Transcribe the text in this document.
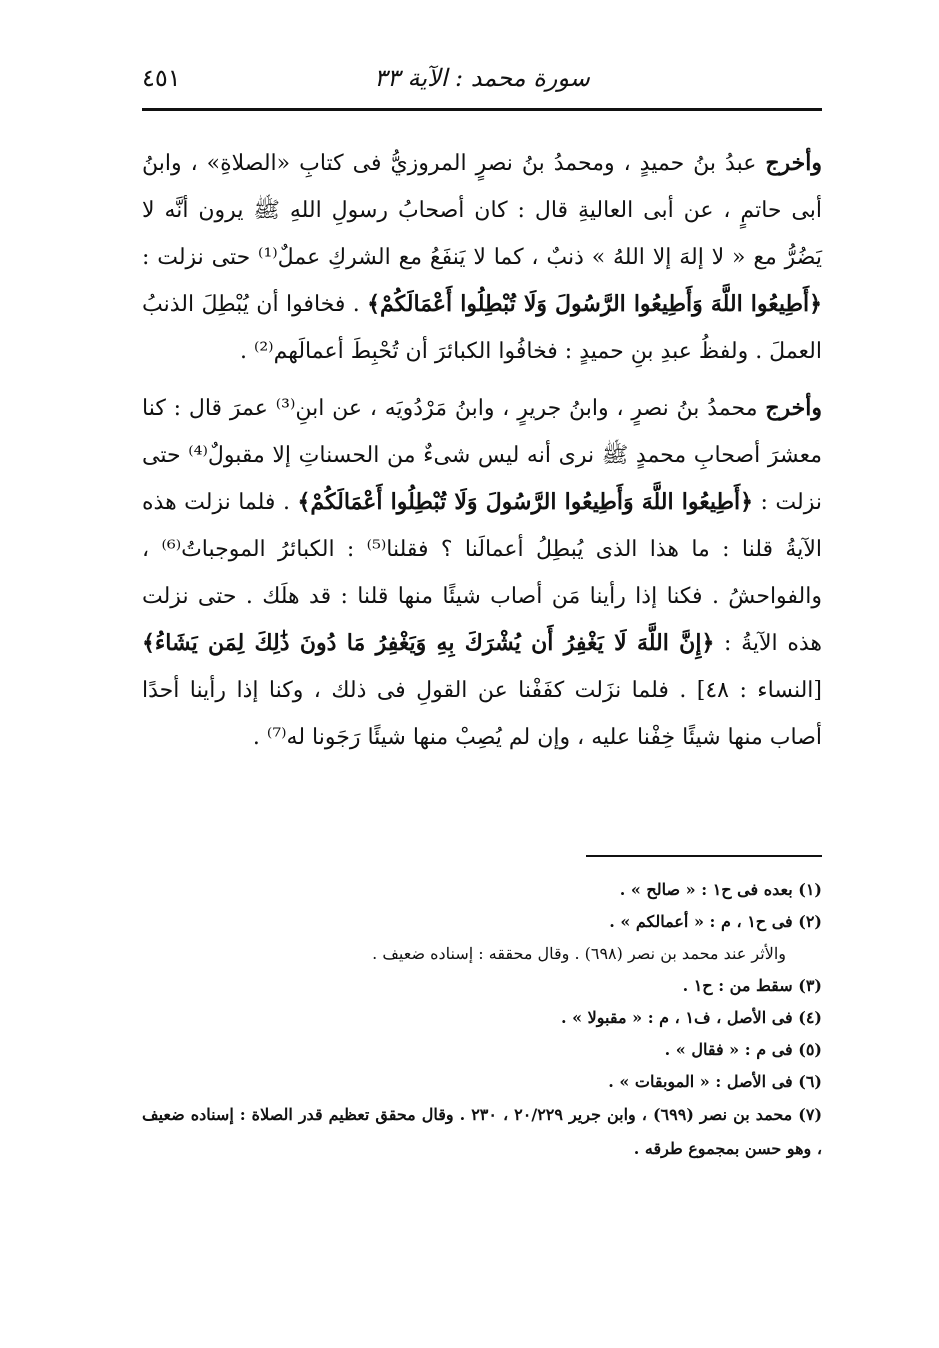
سورة محمد : الآية ٣٣
٤٥١

وأخرج عبدُ بنُ حميدٍ ، ومحمدُ بنُ نصرٍ المروزيُّ فى كتابِ «الصلاةِ» ، وابنُ أبى حاتمٍ ، عن أبى العاليةِ قال : كان أصحابُ رسولِ اللهِ ﷺ يرون أنَّه لا يَضُرُّ مع « لا إلهَ إلا اللهُ » ذنبٌ ، كما لا يَنفَعُ مع الشركِ عملٌ⁽¹⁾ حتى نزلت : ﴿أَطِيعُوا اللَّهَ وَأَطِيعُوا الرَّسُولَ وَلَا تُبْطِلُوا أَعْمَالَكُمْ﴾ . فخافوا أن يُبْطِلَ الذنبُ العملَ . ولفظُ عبدِ بنِ حميدٍ : فخافُوا الكبائرَ أن تُحْبِطَ أعمالَهم⁽²⁾ .

وأخرج محمدُ بنُ نصرٍ ، وابنُ جريرٍ ، وابنُ مَرْدُويَه ، عن ابنِ⁽³⁾ عمرَ قال : كنا معشرَ أصحابِ محمدٍ ﷺ نرى أنه ليس شىءٌ من الحسناتِ إلا مقبولٌ⁽⁴⁾ حتى نزلت : ﴿أَطِيعُوا اللَّهَ وَأَطِيعُوا الرَّسُولَ وَلَا تُبْطِلُوا أَعْمَالَكُمْ﴾ . فلما نزلت هذه الآيةُ قلنا : ما هذا الذى يُبطِلُ أعمالَنا ؟ فقلنا⁽⁵⁾ : الكبائرُ الموجباتُ⁽⁶⁾ ، والفواحشُ . فكنا إذا رأينا مَن أصاب شيئًا منها قلنا : قد هلَك . حتى نزلت هذه الآيةُ : ﴿إِنَّ اللَّهَ لَا يَغْفِرُ أَن يُشْرَكَ بِهِ وَيَغْفِرُ مَا دُونَ ذَٰلِكَ لِمَن يَشَاءُ﴾ [النساء : ٤٨] . فلما نزَلت كفَفْنا عن القولِ فى ذلك ، وكنا إذا رأينا أحدًا أصاب منها شيئًا خِفْنا عليه ، وإن لم يُصِبْ منها شيئًا رَجَونا له⁽⁷⁾ .

(١) بعده فى ح١ : « صالح » .

(٢) فى ح١ ، م : « أعمالكم » .

والأثر عند محمد بن نصر (٦٩٨) . وقال محققه : إسناده ضعيف .

(٣) سقط من : ح١ .

(٤) فى الأصل ، ف١ ، م : « مقبولا » .

(٥) فى م : « فقال » .

(٦) فى الأصل : « الموبقات » .

(٧) محمد بن نصر (٦٩٩) ، وابن جرير ٢٠/٢٢٩ ، ٢٣٠ . وقال محقق تعظيم قدر الصلاة : إسناده ضعيف ، وهو حسن بمجموع طرقه .
